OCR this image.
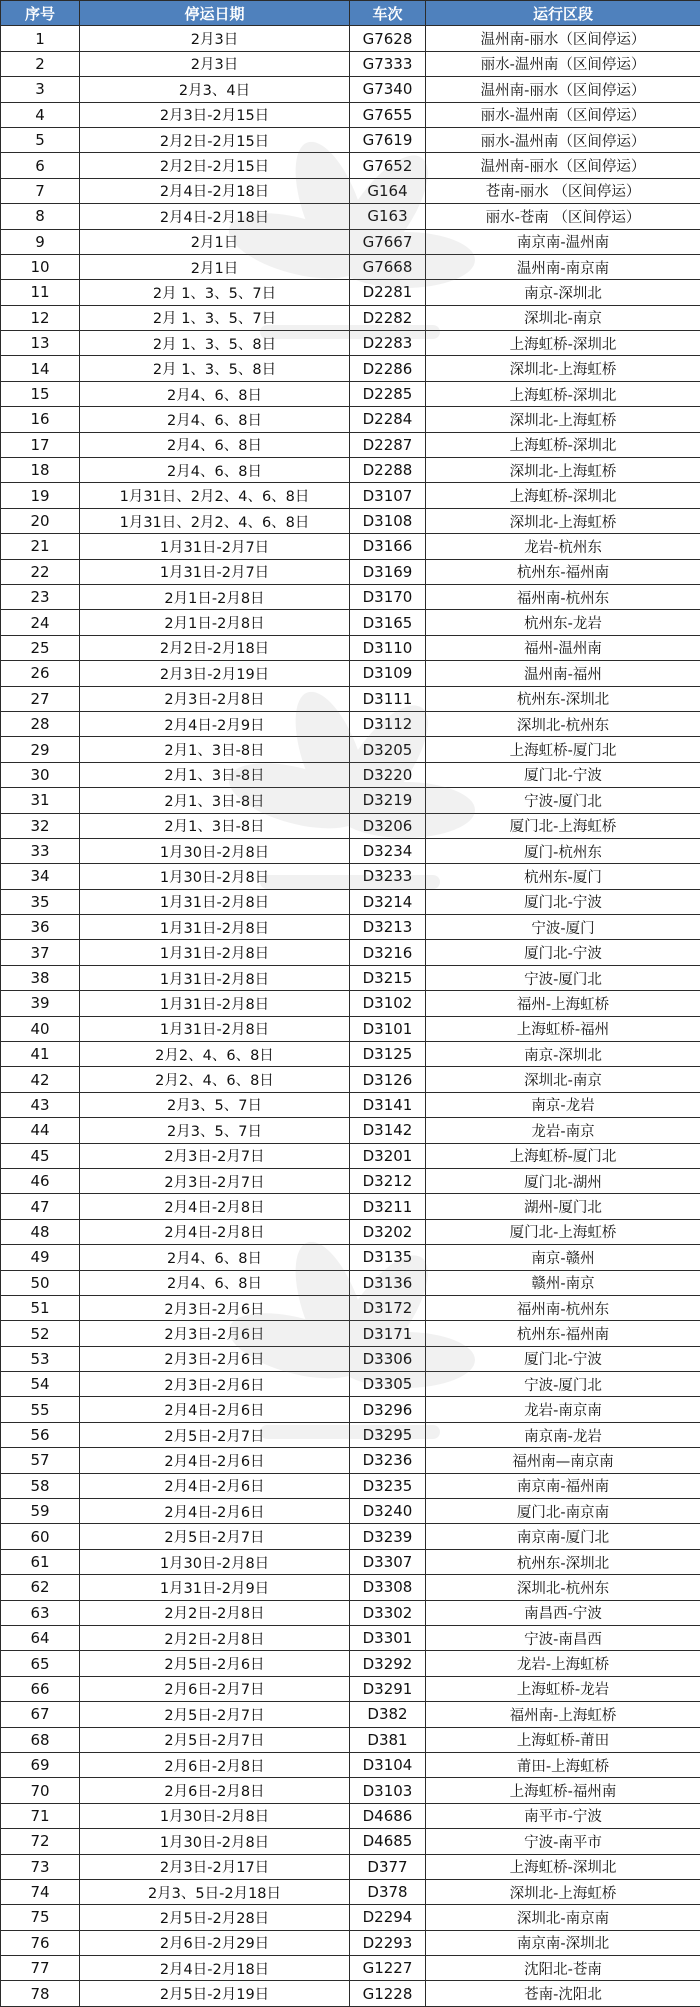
序号	停运日期	车次	运行区段
1	2月3日	G7628	温州南-丽水（区间停运）
2	2月3日	G7333	丽水-温州南（区间停运）
3	2月3、4日	G7340	温州南-丽水（区间停运）
4	2月3日-2月15日	G7655	丽水-温州南（区间停运）
5	2月2日-2月15日	G7619	丽水-温州南（区间停运）
6	2月2日-2月15日	G7652	温州南-丽水（区间停运）
7	2月4日-2月18日	G164	苍南-丽水 （区间停运）
8	2月4日-2月18日	G163	丽水-苍南 （区间停运）
9	2月1日	G7667	南京南-温州南
10	2月1日	G7668	温州南-南京南
11	2月 1、3、5、7日	D2281	南京-深圳北
12	2月 1、3、5、7日	D2282	深圳北-南京
13	2月 1、3、5、8日	D2283	上海虹桥-深圳北
14	2月 1、3、5、8日	D2286	深圳北-上海虹桥
15	2月4、6、8日	D2285	上海虹桥-深圳北
16	2月4、6、8日	D2284	深圳北-上海虹桥
17	2月4、6、8日	D2287	上海虹桥-深圳北
18	2月4、6、8日	D2288	深圳北-上海虹桥
19	1月31日、2月2、4、6、8日	D3107	上海虹桥-深圳北
20	1月31日、2月2、4、6、8日	D3108	深圳北-上海虹桥
21	1月31日-2月7日	D3166	龙岩-杭州东
22	1月31日-2月7日	D3169	杭州东-福州南
23	2月1日-2月8日	D3170	福州南-杭州东
24	2月1日-2月8日	D3165	杭州东-龙岩
25	2月2日-2月18日	D3110	福州-温州南
26	2月3日-2月19日	D3109	温州南-福州
27	2月3日-2月8日	D3111	杭州东-深圳北
28	2月4日-2月9日	D3112	深圳北-杭州东
29	2月1、3日-8日	D3205	上海虹桥-厦门北
30	2月1、3日-8日	D3220	厦门北-宁波
31	2月1、3日-8日	D3219	宁波-厦门北
32	2月1、3日-8日	D3206	厦门北-上海虹桥
33	1月30日-2月8日	D3234	厦门-杭州东
34	1月30日-2月8日	D3233	杭州东-厦门
35	1月31日-2月8日	D3214	厦门北-宁波
36	1月31日-2月8日	D3213	宁波-厦门
37	1月31日-2月8日	D3216	厦门北-宁波
38	1月31日-2月8日	D3215	宁波-厦门北
39	1月31日-2月8日	D3102	福州-上海虹桥
40	1月31日-2月8日	D3101	上海虹桥-福州
41	2月2、4、6、8日	D3125	南京-深圳北
42	2月2、4、6、8日	D3126	深圳北-南京
43	2月3、5、7日	D3141	南京-龙岩
44	2月3、5、7日	D3142	龙岩-南京
45	2月3日-2月7日	D3201	上海虹桥-厦门北
46	2月3日-2月7日	D3212	厦门北-湖州
47	2月4日-2月8日	D3211	湖州-厦门北
48	2月4日-2月8日	D3202	厦门北-上海虹桥
49	2月4、6、8日	D3135	南京-赣州
50	2月4、6、8日	D3136	赣州-南京
51	2月3日-2月6日	D3172	福州南-杭州东
52	2月3日-2月6日	D3171	杭州东-福州南
53	2月3日-2月6日	D3306	厦门北-宁波
54	2月3日-2月6日	D3305	宁波-厦门北
55	2月4日-2月6日	D3296	龙岩-南京南
56	2月5日-2月7日	D3295	南京南-龙岩
57	2月4日-2月6日	D3236	福州南—南京南
58	2月4日-2月6日	D3235	南京南-福州南
59	2月4日-2月6日	D3240	厦门北-南京南
60	2月5日-2月7日	D3239	南京南-厦门北
61	1月30日-2月8日	D3307	杭州东-深圳北
62	1月31日-2月9日	D3308	深圳北-杭州东
63	2月2日-2月8日	D3302	南昌西-宁波
64	2月2日-2月8日	D3301	宁波-南昌西
65	2月5日-2月6日	D3292	龙岩-上海虹桥
66	2月6日-2月7日	D3291	上海虹桥-龙岩
67	2月5日-2月7日	D382	福州南-上海虹桥
68	2月5日-2月7日	D381	上海虹桥-莆田
69	2月6日-2月8日	D3104	莆田-上海虹桥
70	2月6日-2月8日	D3103	上海虹桥-福州南
71	1月30日-2月8日	D4686	南平市-宁波
72	1月30日-2月8日	D4685	宁波-南平市
73	2月3日-2月17日	D377	上海虹桥-深圳北
74	2月3、5日-2月18日	D378	深圳北-上海虹桥
75	2月5日-2月28日	D2294	深圳北-南京南
76	2月6日-2月29日	D2293	南京南-深圳北
77	2月4日-2月18日	G1227	沈阳北-苍南
78	2月5日-2月19日	G1228	苍南-沈阳北
